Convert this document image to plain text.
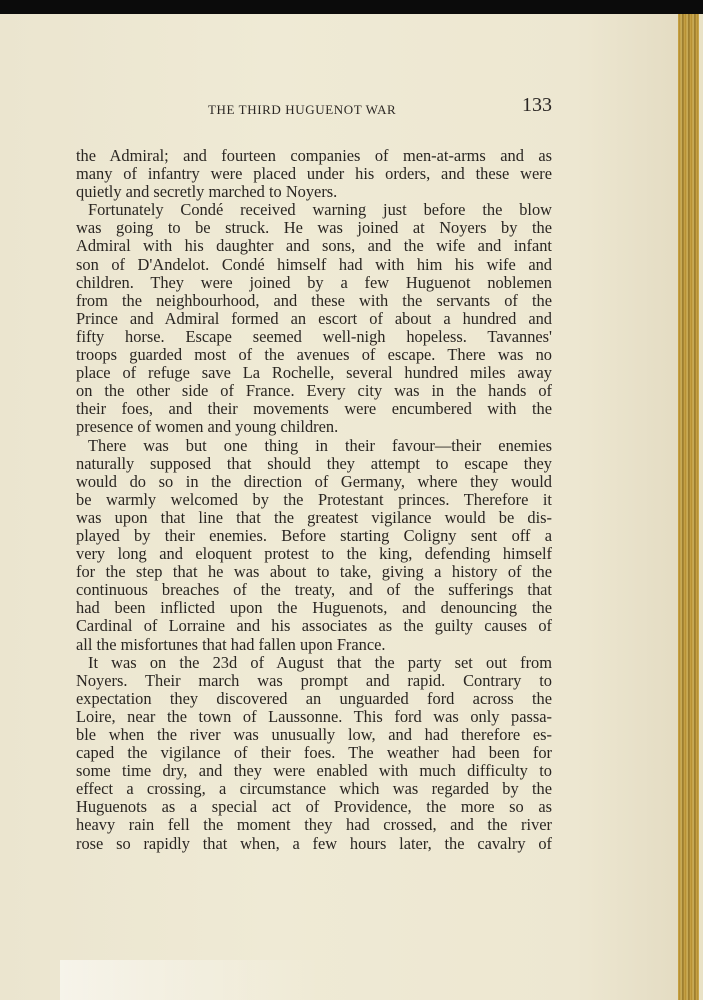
THE THIRD HUGUENOT WAR	133
the Admiral; and fourteen companies of men-at-arms and as
many of infantry were placed under his orders, and these were
quietly and secretly marched to Noyers.
Fortunately Condé received warning just before the blow
was going to be struck. He was joined at Noyers by the
Admiral with his daughter and sons, and the wife and infant
son of D'Andelot. Condé himself had with him his wife and
children. They were joined by a few Huguenot noblemen
from the neighbourhood, and these with the servants of the
Prince and Admiral formed an escort of about a hundred and
fifty horse. Escape seemed well-nigh hopeless. Tavannes'
troops guarded most of the avenues of escape. There was no
place of refuge save La Rochelle, several hundred miles away
on the other side of France. Every city was in the hands of
their foes, and their movements were encumbered with the
presence of women and young children.
There was but one thing in their favour—their enemies
naturally supposed that should they attempt to escape they
would do so in the direction of Germany, where they would
be warmly welcomed by the Protestant princes. Therefore it
was upon that line that the greatest vigilance would be dis-
played by their enemies. Before starting Coligny sent off a
very long and eloquent protest to the king, defending himself
for the step that he was about to take, giving a history of the
continuous breaches of the treaty, and of the sufferings that
had been inflicted upon the Huguenots, and denouncing the
Cardinal of Lorraine and his associates as the guilty causes of
all the misfortunes that had fallen upon France.
It was on the 23d of August that the party set out from
Noyers. Their march was prompt and rapid. Contrary to
expectation they discovered an unguarded ford across the
Loire, near the town of Laussonne. This ford was only passa-
ble when the river was unusually low, and had therefore es-
caped the vigilance of their foes. The weather had been for
some time dry, and they were enabled with much difficulty to
effect a crossing, a circumstance which was regarded by the
Huguenots as a special act of Providence, the more so as
heavy rain fell the moment they had crossed, and the river
rose so rapidly that when, a few hours later, the cavalry of
